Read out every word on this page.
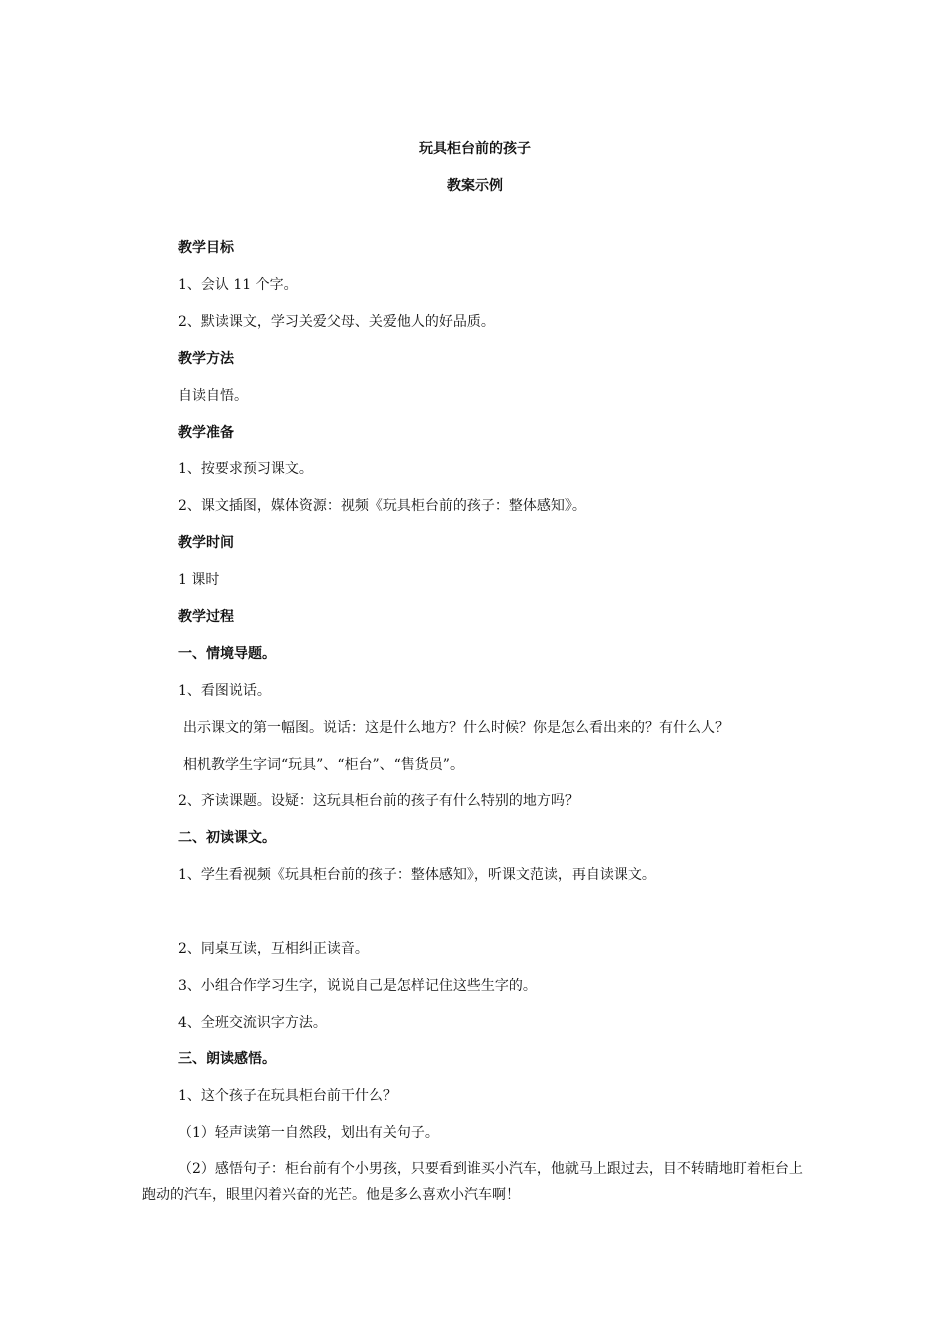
玩具柜台前的孩子
教案示例
教学目标
1、会认 11 个字。
2、默读课文，学习关爱父母、关爱他人的好品质。
教学方法
自读自悟。
教学准备
1、按要求预习课文。
2、课文插图，媒体资源：视频《玩具柜台前的孩子：整体感知》。
教学时间
1 课时
教学过程
一、情境导题。
1、看图说话。
出示课文的第一幅图。说话：这是什么地方？什么时候？你是怎么看出来的？有什么人？
相机教学生字词“玩具”、“柜台”、“售货员”。
2、齐读课题。设疑：这玩具柜台前的孩子有什么特别的地方吗？
二、初读课文。
1、学生看视频《玩具柜台前的孩子：整体感知》，听课文范读，再自读课文。
2、同桌互读，互相纠正读音。
3、小组合作学习生字，说说自己是怎样记住这些生字的。
4、全班交流识字方法。
三、朗读感悟。
1、这个孩子在玩具柜台前干什么？
（1）轻声读第一自然段，划出有关句子。
（2）感悟句子：柜台前有个小男孩，只要看到谁买小汽车，他就马上跟过去，目不转睛地盯着柜台上跑动的汽车，眼里闪着兴奋的光芒。他是多么喜欢小汽车啊！
